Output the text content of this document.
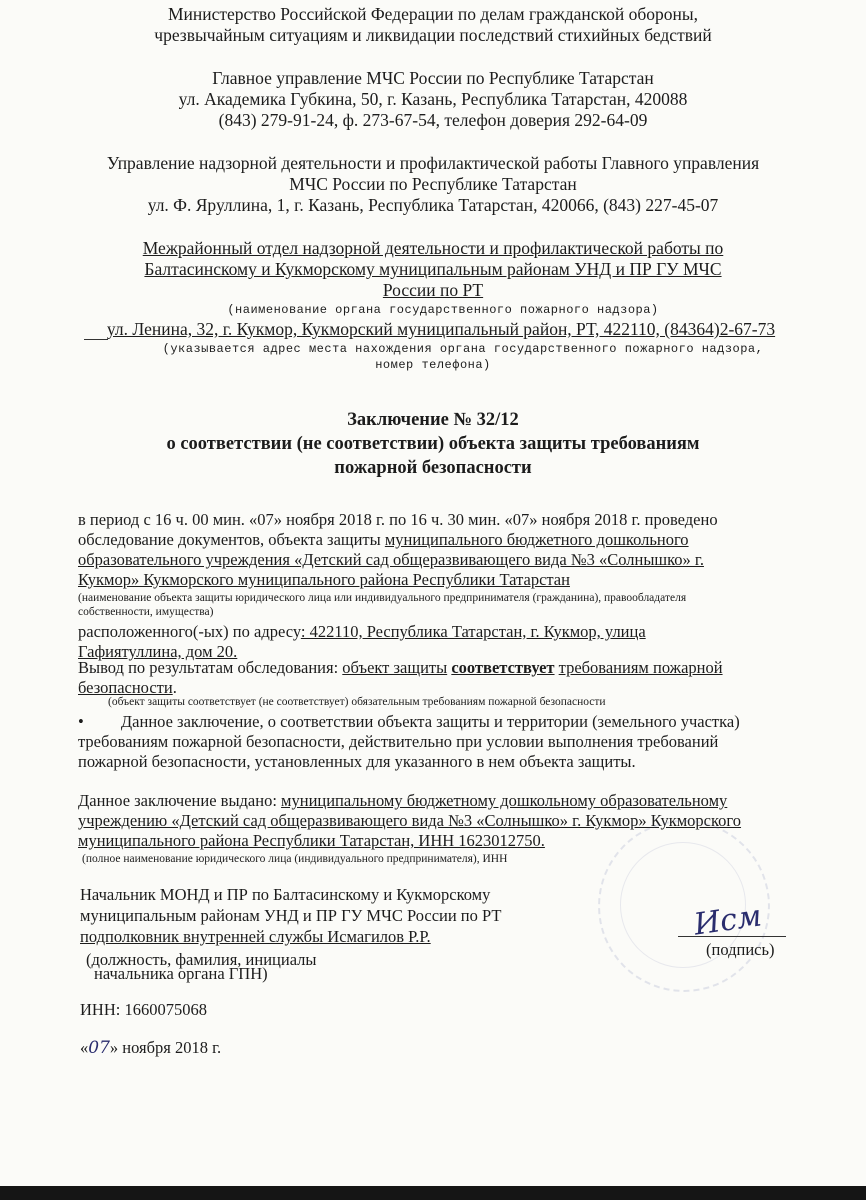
Министерство Российской Федерации по делам гражданской обороны,
чрезвычайным ситуациям и ликвидации последствий стихийных бедствий
Главное управление МЧС России по Республике Татарстан
ул. Академика Губкина, 50, г. Казань, Республика Татарстан, 420088
(843) 279-91-24, ф. 273-67-54, телефон доверия 292-64-09
Управление надзорной деятельности и профилактической работы Главного управления
МЧС России по Республике Татарстан
ул. Ф. Яруллина, 1, г. Казань, Республика Татарстан, 420066, (843) 227-45-07
Межрайонный отдел надзорной деятельности и профилактической работы по
Балтасинскому и Кукморскому муниципальным районам УНД и ПР ГУ МЧС
России по РТ
(наименование органа государственного пожарного надзора)
ул. Ленина, 32, г. Кукмор, Кукморский муниципальный район, РТ, 422110, (84364)2-67-73
(указывается адрес места нахождения органа государственного пожарного надзора,
номер телефона)
Заключение № 32/12
о соответствии (не соответствии) объекта защиты требованиям
пожарной безопасности
в период с 16 ч. 00 мин. «07» ноября 2018 г. по 16 ч. 30 мин. «07» ноября 2018 г. проведено
обследование документов, объекта защиты муниципального бюджетного дошкольного
образовательного учреждения «Детский сад общеразвивающего вида №3 «Солнышко» г.
Кукмор» Кукморского муниципального района Республики Татарстан
(наименование объекта защиты юридического лица или индивидуального предпринимателя (гражданина), правообладателя
собственности, имущества)
расположенного(-ых) по адресу: 422110, Республика Татарстан, г. Кукмор, улица
Гафиятуллина, дом 20.
Вывод по результатам обследования: объект защиты соответствует требованиям пожарной
безопасности.
(объект защиты соответствует (не соответствует) обязательным требованиям пожарной безопасности
• Данное заключение, о соответствии объекта защиты и территории (земельного участка)
требованиям пожарной безопасности, действительно при условии выполнения требований
пожарной безопасности, установленных для указанного в нем объекта защиты.
Данное заключение выдано: муниципальному бюджетному дошкольному образовательному
учреждению «Детский сад общеразвивающего вида №3 «Солнышко» г. Кукмор» Кукморского
муниципального района Республики Татарстан, ИНН 1623012750.
(полное наименование юридического лица (индивидуального предпринимателя), ИНН
Начальник МОНД и ПР по Балтасинскому и Кукморскому
муниципальным районам УНД и ПР ГУ МЧС России по РТ
подполковник внутренней службы Исмагилов Р.Р.
(должность, фамилия, инициалы
начальника органа ГПН)
Исм
(подпись)
ИНН: 1660075068
«07» ноября 2018 г.
